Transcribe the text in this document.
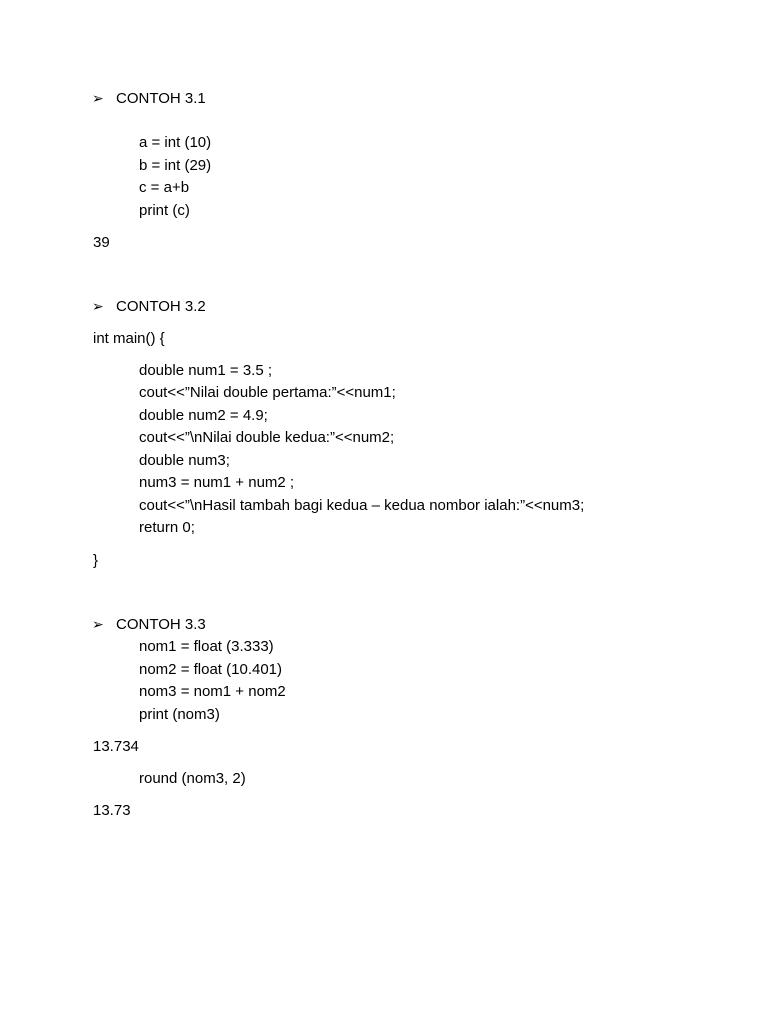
➢ CONTOH 3.1

a = int (10)

b = int (29)

c = a+b

print (c)

39

➢ CONTOH 3.2

int main() {

double num1 = 3.5 ;

cout<<”Nilai double pertama:”<<num1;

double num2 = 4.9;

cout<<”\nNilai double kedua:”<<num2;

double num3;

num3 = num1 + num2 ;

cout<<”\nHasil tambah bagi kedua – kedua nombor ialah:”<<num3;

return 0;

}

➢ CONTOH 3.3

nom1 = float (3.333)

nom2 = float (10.401)

nom3 = nom1 + nom2

print (nom3)

13.734

round (nom3, 2)

13.73
